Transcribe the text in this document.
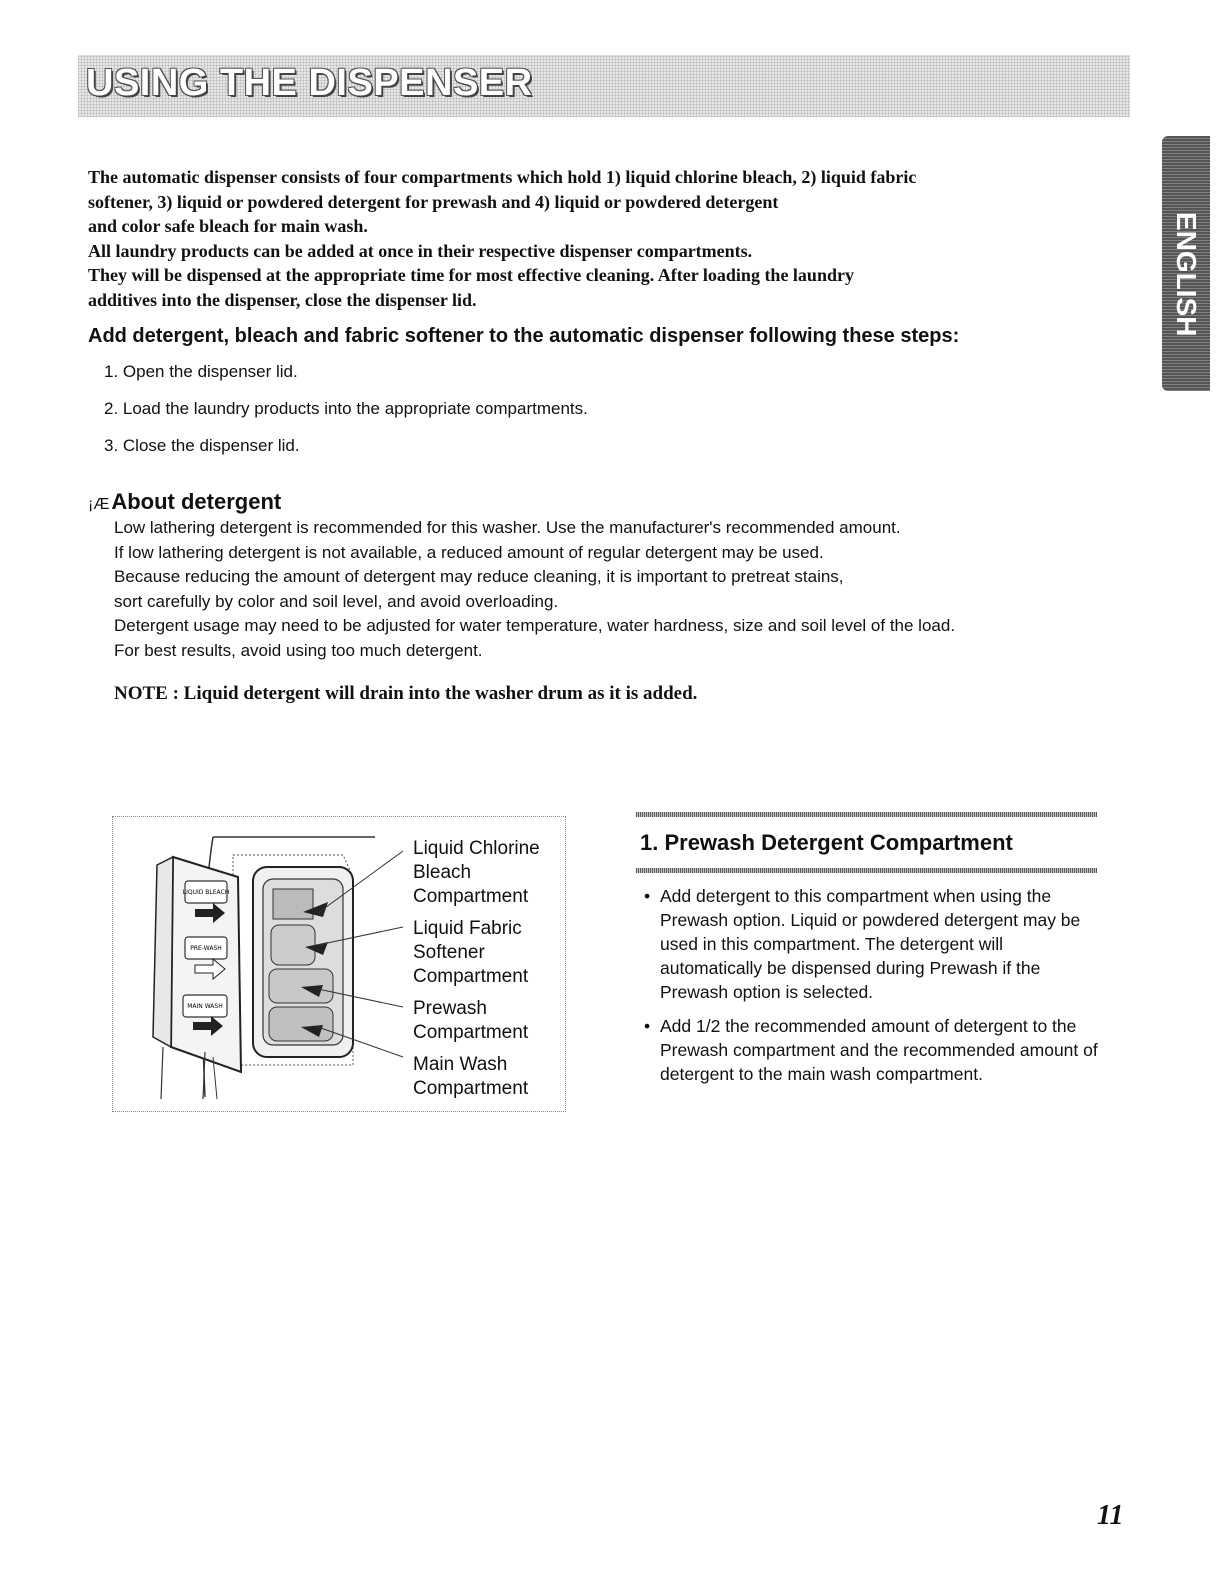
USING THE DISPENSER
ENGLISH

The automatic dispenser consists of four compartments which hold 1) liquid chlorine bleach, 2) liquid fabric

softener, 3) liquid or powdered detergent for prewash and 4) liquid or powdered detergent

and color safe bleach for main wash.

All laundry products can be added at once in their respective dispenser compartments.

They will be dispensed at the appropriate time for most effective cleaning. After loading the laundry

additives into the dispenser, close the dispenser lid.

Add detergent, bleach and fabric softener to the automatic dispenser following these steps:
1. Open the dispenser lid.
2. Load the laundry products into the appropriate compartments.
3. Close the dispenser lid.
¡ÆAbout detergent

Low lathering detergent is recommended for this washer. Use the manufacturer's recommended amount.

If low lathering detergent is not available, a reduced amount of regular detergent may be used.

Because reducing the amount of detergent may reduce cleaning, it is important to pretreat stains,

sort carefully by color and soil level, and avoid overloading.

Detergent usage may need to be adjusted for water temperature, water hardness, size and soil level of the load.

For best results, avoid using too much detergent.

NOTE : Liquid detergent will drain into the washer drum as it is added.
LIQUID BLEACH
PRE-WASH
MAIN WASH
Liquid Chlorine
Bleach
Compartment
Liquid Fabric
Softener
Compartment
Prewash
Compartment
Main Wash
Compartment
1. Prewash Detergent Compartment
• Add detergent to this compartment when using the Prewash option. Liquid or powdered detergent may be used in this compartment. The detergent will automatically be dispensed during Prewash if the Prewash option is selected.
• Add 1/2 the recommended amount of detergent to the Prewash compartment and the recommended amount of detergent to the main wash compartment.
11
